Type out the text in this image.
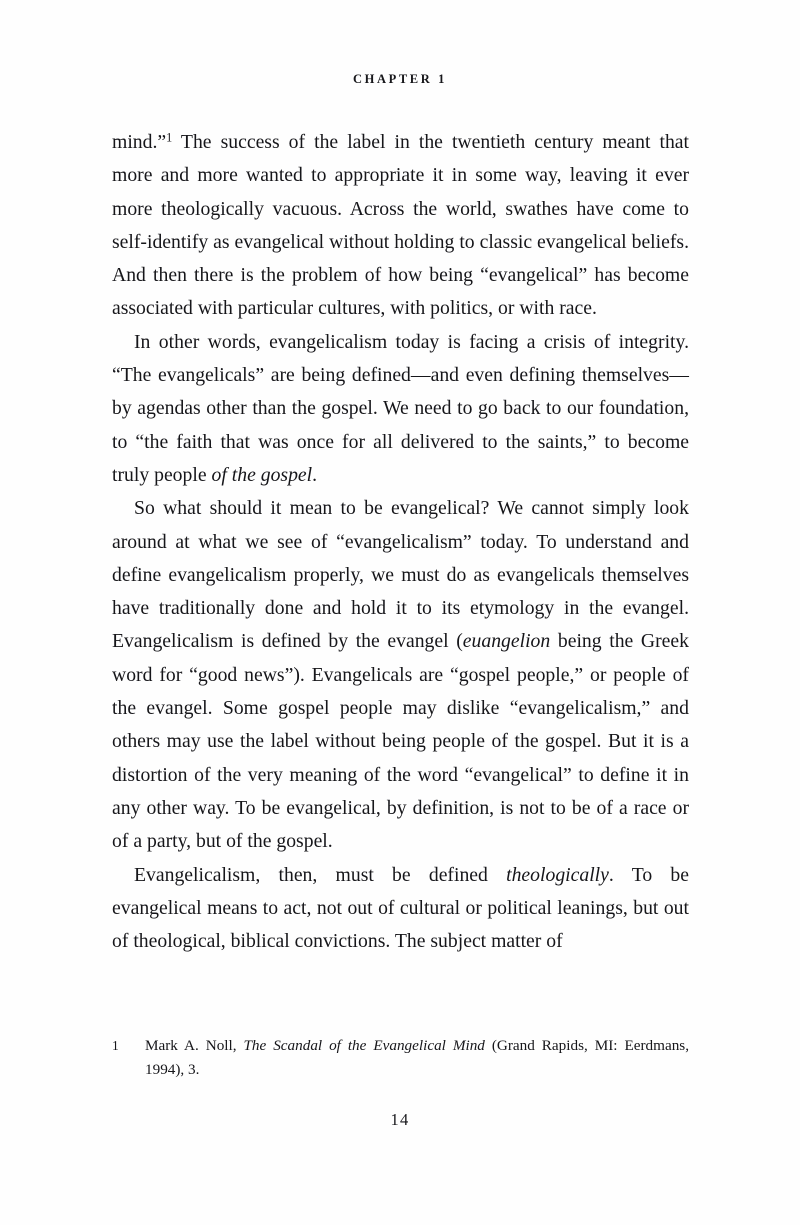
CHAPTER 1

mind.”$^1$ The success of the label in the twentieth century meant that more and more wanted to appropriate it in some way, leaving it ever more theologically vacuous. Across the world, swathes have come to self-identify as evangelical without holding to classic evangelical beliefs. And then there is the problem of how being “evangelical” has become associated with particular cultures, with politics, or with race.

In other words, evangelicalism today is facing a crisis of integrity. “The evangelicals” are being defined—and even defining themselves—by agendas other than the gospel. We need to go back to our foundation, to “the faith that was once for all delivered to the saints,” to become truly people of the gospel.

So what should it mean to be evangelical? We cannot simply look around at what we see of “evangelicalism” today. To understand and define evangelicalism properly, we must do as evangelicals themselves have traditionally done and hold it to its etymology in the evangel. Evangelicalism is defined by the evangel (euangelion being the Greek word for “good news”). Evangelicals are “gospel people,” or people of the evangel. Some gospel people may dislike “evangelicalism,” and others may use the label without being people of the gospel. But it is a distortion of the very meaning of the word “evangelical” to define it in any other way. To be evangelical, by definition, is not to be of a race or of a party, but of the gospel.

Evangelicalism, then, must be defined theologically. To be evangelical means to act, not out of cultural or political leanings, but out of theological, biblical convictions. The subject matter of

1 Mark A. Noll, The Scandal of the Evangelical Mind (Grand Rapids, MI: Eerdmans, 1994), 3.
14
